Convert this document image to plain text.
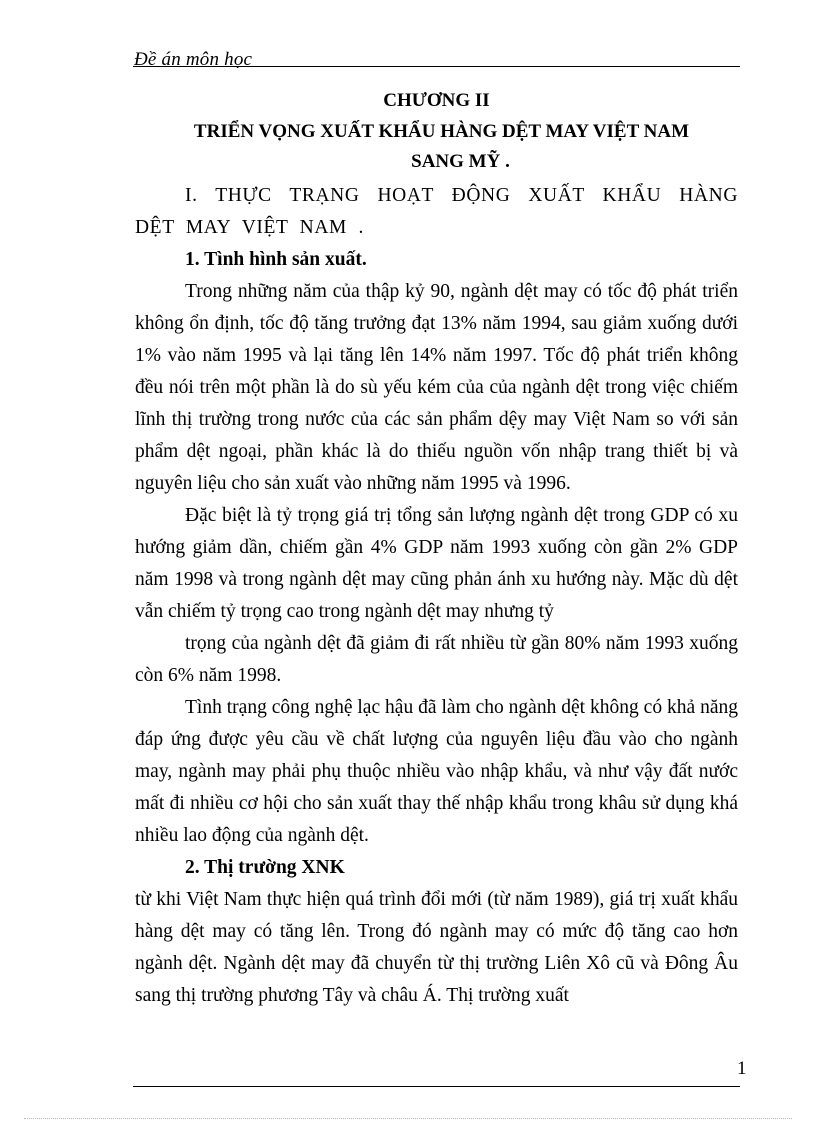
Đề án môn học

CHƯƠNG II

TRIỂN VỌNG XUẤT KHẨU HÀNG DỆT MAY VIỆT NAM

SANG MỸ .

I. THỰC TRẠNG HOẠT ĐỘNG XUẤT KHẨU HÀNG DỆT MAY VIỆT NAM .

1. Tình hình sản xuất.

Trong những năm của thập kỷ 90, ngành dệt may có tốc độ phát triển không ổn định, tốc độ tăng trưởng đạt 13% năm 1994, sau giảm xuống dưới 1% vào năm 1995 và lại tăng lên 14% năm 1997. Tốc độ phát triển không đều nói trên một phần là do sù yếu kém của của ngành dệt trong việc chiếm lĩnh thị trường trong nước của các sản phẩm dệy may Việt Nam so với sản phẩm dệt ngoại, phần khác là do thiếu nguồn vốn nhập trang thiết bị và nguyên liệu cho sản xuất vào những năm 1995 và 1996.

Đặc biệt là tỷ trọng giá trị tổng sản lượng ngành dệt trong GDP có xu hướng giảm dần, chiếm gần 4% GDP năm 1993 xuống còn gần 2% GDP năm 1998 và trong ngành dệt may cũng phản ánh xu hướng này. Mặc dù dệt vẫn chiếm tỷ trọng cao trong ngành dệt may nhưng tỷ

trọng của ngành dệt đã giảm đi rất nhiều từ gần 80% năm 1993 xuống còn 6% năm 1998.

Tình trạng công nghệ lạc hậu đã làm cho ngành dệt không có khả năng đáp ứng được yêu cầu về chất lượng của nguyên liệu đầu vào cho ngành may, ngành may phải phụ thuộc nhiều vào nhập khẩu, và như vậy đất nước mất đi nhiều cơ hội cho sản xuất thay thế nhập khẩu trong khâu sử dụng khá nhiều lao động của ngành dệt.

2. Thị trường XNK

từ khi Việt Nam thực hiện quá trình đổi mới (từ năm 1989), giá trị xuất khẩu hàng dệt may có tăng lên. Trong đó ngành may có mức độ tăng cao hơn ngành dệt. Ngành dệt may đã chuyển từ thị trường Liên Xô cũ và Đông Âu sang thị trường phương Tây và châu Á. Thị trường xuất

1
